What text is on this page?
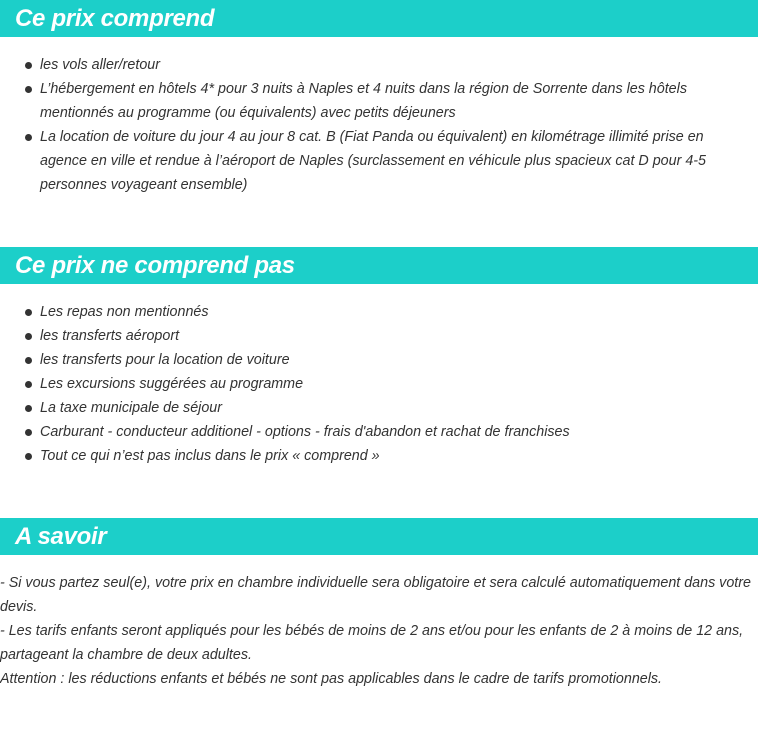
Ce prix comprend
les vols aller/retour
L’hébergement en hôtels 4* pour 3 nuits à Naples et 4 nuits dans la région de Sorrente dans les hôtels mentionnés au programme (ou équivalents) avec petits déjeuners
La location de voiture du jour 4 au jour 8 cat. B (Fiat Panda ou équivalent) en kilométrage illimité prise en agence en ville et rendue à l’aéroport de Naples (surclassement en véhicule plus spacieux cat D pour 4-5 personnes voyageant ensemble)
Ce prix ne comprend pas
Les repas non mentionnés
les transferts aéroport
les transferts pour la location de voiture
Les excursions suggérées au programme
La taxe municipale de séjour
Carburant - conducteur additionel - options - frais d'abandon et rachat de franchises
Tout ce qui n’est pas inclus dans le prix « comprend »
A savoir

- Si vous partez seul(e), votre prix en chambre individuelle sera obligatoire et sera calculé automatiquement dans votre devis.

- Les tarifs enfants seront appliqués pour les bébés de moins de 2 ans et/ou pour les enfants de 2 à moins de 12 ans, partageant la chambre de deux adultes.

Attention : les réductions enfants et bébés ne sont pas applicables dans le cadre de tarifs promotionnels.
